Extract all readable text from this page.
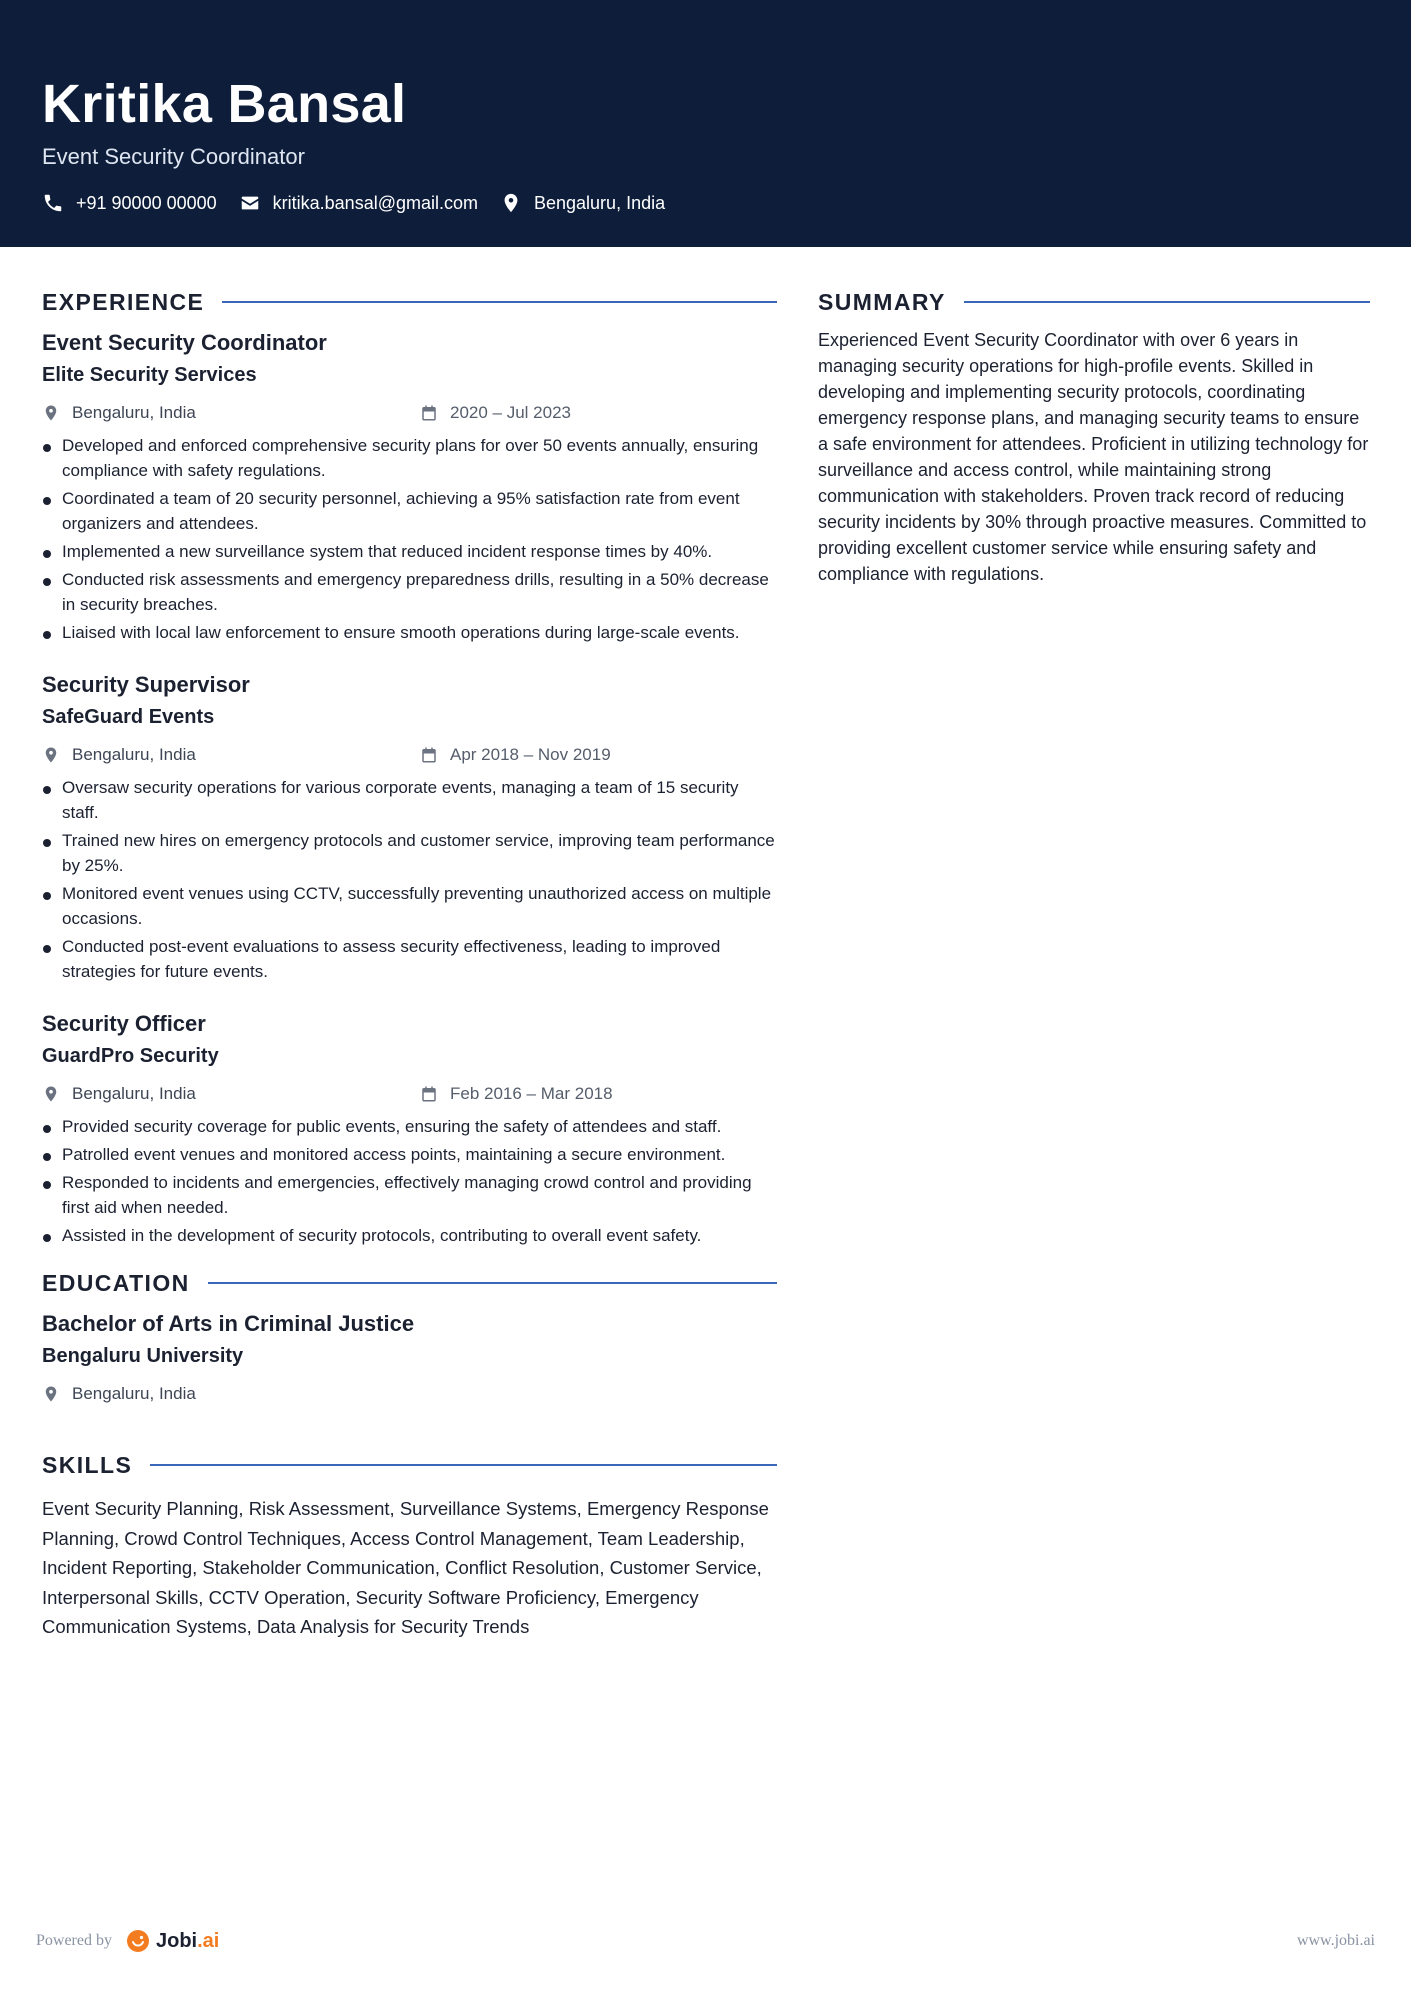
Kritika Bansal
Event Security Coordinator
+91 90000 00000	kritika.bansal@gmail.com	Bengaluru, India
EXPERIENCE
Event Security Coordinator
Elite Security Services
Bengaluru, India	2020 – Jul 2023
Developed and enforced comprehensive security plans for over 50 events annually, ensuring compliance with safety regulations.
Coordinated a team of 20 security personnel, achieving a 95% satisfaction rate from event organizers and attendees.
Implemented a new surveillance system that reduced incident response times by 40%.
Conducted risk assessments and emergency preparedness drills, resulting in a 50% decrease in security breaches.
Liaised with local law enforcement to ensure smooth operations during large-scale events.
Security Supervisor
SafeGuard Events
Bengaluru, India	Apr 2018 – Nov 2019
Oversaw security operations for various corporate events, managing a team of 15 security staff.
Trained new hires on emergency protocols and customer service, improving team performance by 25%.
Monitored event venues using CCTV, successfully preventing unauthorized access on multiple occasions.
Conducted post-event evaluations to assess security effectiveness, leading to improved strategies for future events.
Security Officer
GuardPro Security
Bengaluru, India	Feb 2016 – Mar 2018
Provided security coverage for public events, ensuring the safety of attendees and staff.
Patrolled event venues and monitored access points, maintaining a secure environment.
Responded to incidents and emergencies, effectively managing crowd control and providing first aid when needed.
Assisted in the development of security protocols, contributing to overall event safety.
EDUCATION
Bachelor of Arts in Criminal Justice
Bengaluru University
Bengaluru, India
SKILLS
Event Security Planning, Risk Assessment, Surveillance Systems, Emergency Response Planning, Crowd Control Techniques, Access Control Management, Team Leadership, Incident Reporting, Stakeholder Communication, Conflict Resolution, Customer Service, Interpersonal Skills, CCTV Operation, Security Software Proficiency, Emergency Communication Systems, Data Analysis for Security Trends
SUMMARY
Experienced Event Security Coordinator with over 6 years in managing security operations for high-profile events. Skilled in developing and implementing security protocols, coordinating emergency response plans, and managing security teams to ensure a safe environment for attendees. Proficient in utilizing technology for surveillance and access control, while maintaining strong communication with stakeholders. Proven track record of reducing security incidents by 30% through proactive measures. Committed to providing excellent customer service while ensuring safety and compliance with regulations.
Powered by Jobi.ai	www.jobi.ai
